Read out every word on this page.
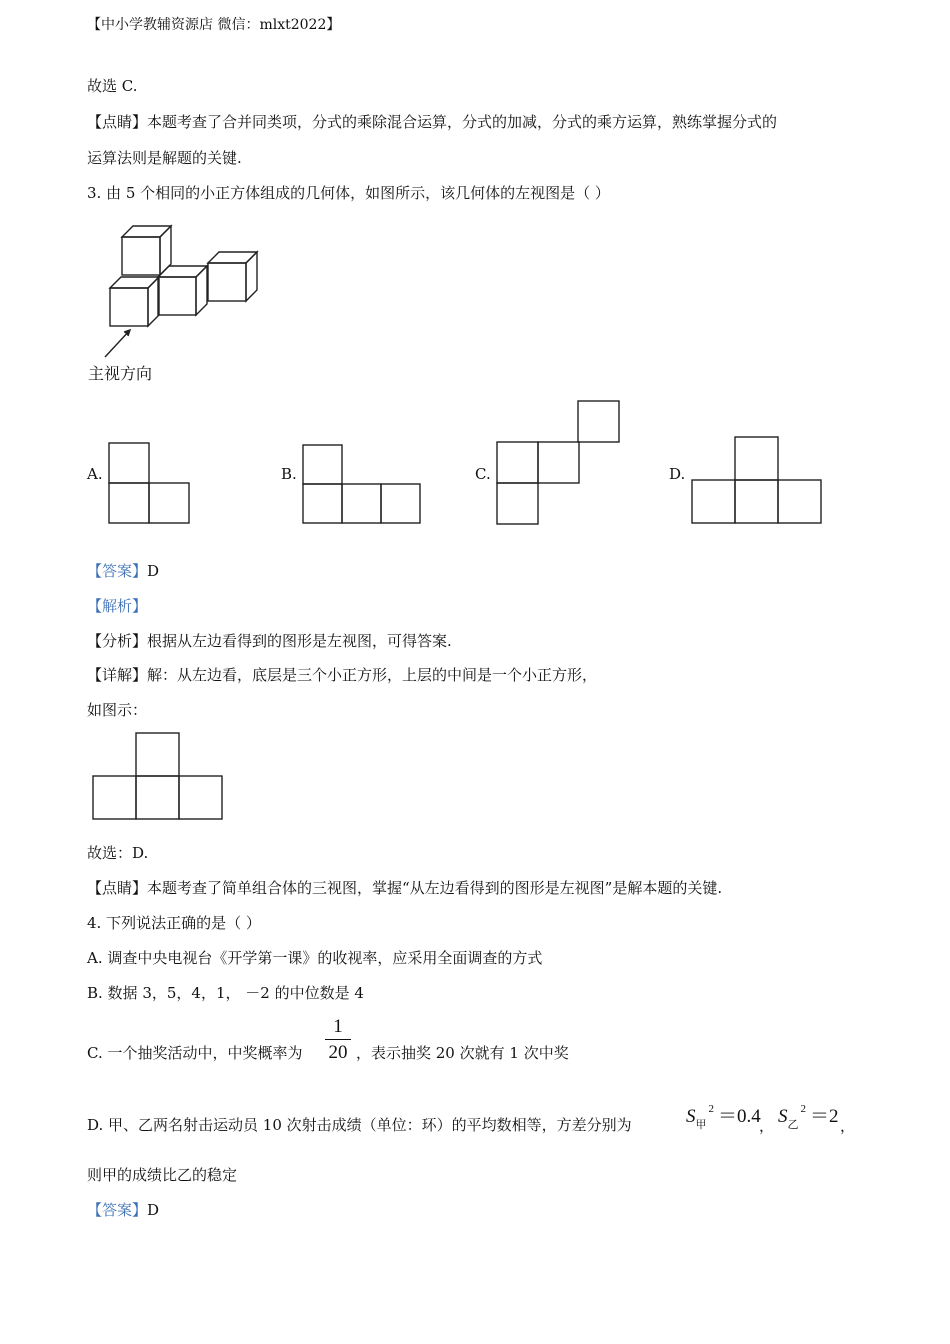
【中小学教辅资源店 微信：mlxt2022】
故选 C.
【点睛】本题考查了合并同类项，分式的乘除混合运算，分式的加减，分式的乘方运算，熟练掌握分式的
运算法则是解题的关键.
3. 由 5 个相同的小正方体组成的几何体，如图所示，该几何体的左视图是（ ）
主视方向
A.	B.	C.	D.
【答案】D
【解析】
【分析】根据从左边看得到的图形是左视图，可得答案.
【详解】解：从左边看，底层是三个小正方形，上层的中间是一个小正方形，
如图示：
故选：D.
【点睛】本题考查了简单组合体的三视图，掌握“从左边看得到的图形是左视图”是解本题的关键.
4. 下列说法正确的是（ ）
A. 调查中央电视台《开学第一课》的收视率，应采用全面调查的方式
B. 数据 3，5，4，1， －2 的中位数是 4
C. 一个抽奖活动中，中奖概率为 $\frac{1}{20}$ ，表示抽奖 20 次就有 1 次中奖
D. 甲、乙两名射击运动员 10 次射击成绩（单位：环）的平均数相等，方差分别为	$S_甲^2 =0.4$
， $S_乙^2 =2$ ，
则甲的成绩比乙的稳定
【答案】D
